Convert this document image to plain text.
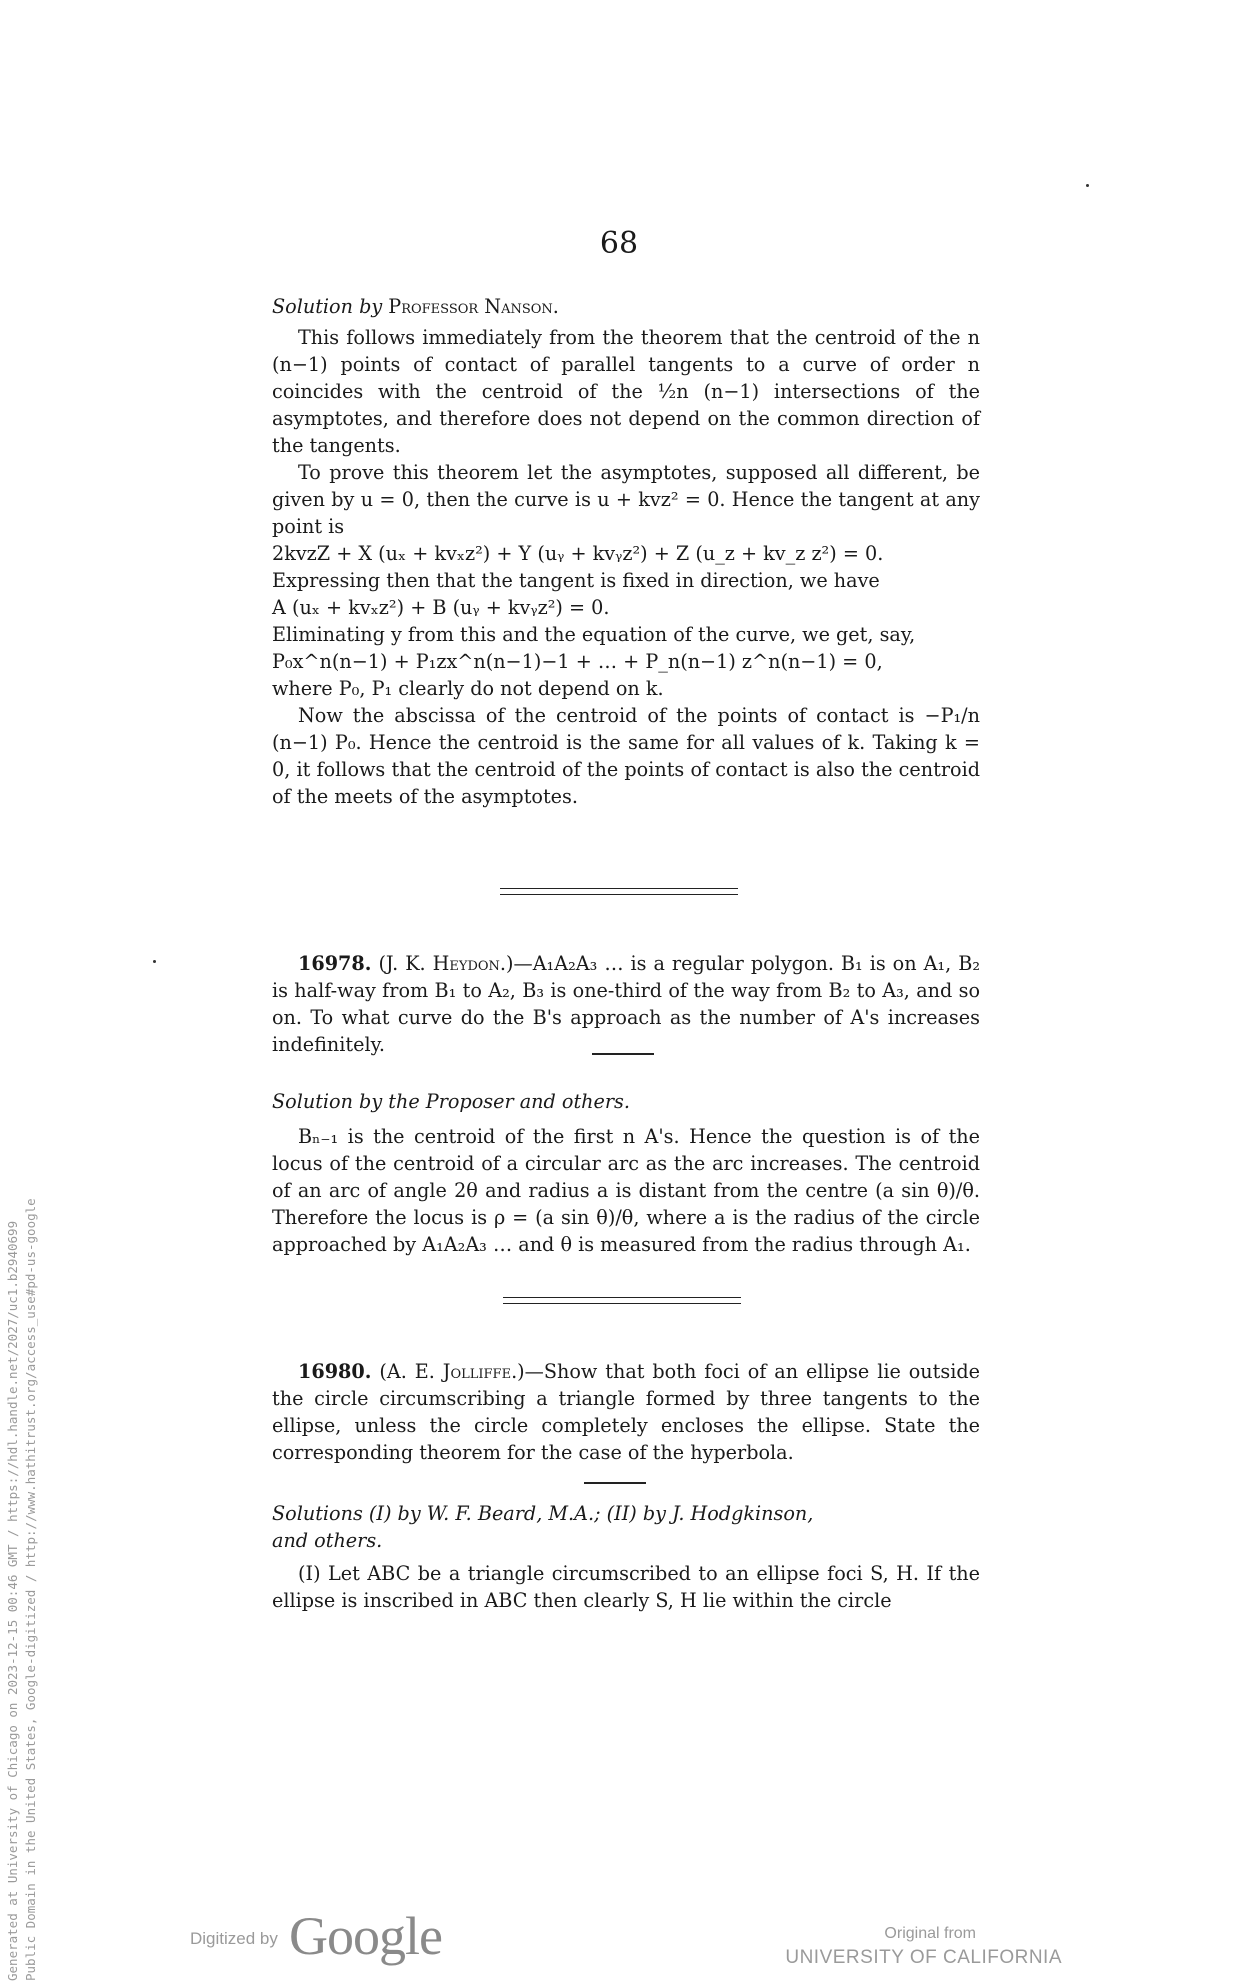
68

Solution by Professor Nanson.

This follows immediately from the theorem that the centroid of the n (n−1) points of contact of parallel tangents to a curve of order n coincides with the centroid of the ½n (n−1) intersections of the asymptotes, and therefore does not depend on the common direction of the tangents.

To prove this theorem let the asymptotes, supposed all different, be given by u = 0, then the curve is u + kvz² = 0. Hence the tangent at any point is

2kvzZ + X (uₓ + kvₓz²) + Y (uᵧ + kvᵧz²) + Z (u_z + kv_z z²) = 0.

Expressing then that the tangent is fixed in direction, we have

A (uₓ + kvₓz²) + B (uᵧ + kvᵧz²) = 0.

Eliminating y from this and the equation of the curve, we get, say,

P₀x^n(n−1) + P₁zx^n(n−1)−1 + … + P_n(n−1) z^n(n−1) = 0,

where P₀, P₁ clearly do not depend on k.

Now the abscissa of the centroid of the points of contact is −P₁/n (n−1) P₀. Hence the centroid is the same for all values of k. Taking k = 0, it follows that the centroid of the points of contact is also the centroid of the meets of the asymptotes.

16978. (J. K. Heydon.)—A₁A₂A₃ … is a regular polygon. B₁ is on A₁, B₂ is half-way from B₁ to A₂, B₃ is one-third of the way from B₂ to A₃, and so on. To what curve do the B's approach as the number of A's increases indefinitely.

Solution by the Proposer and others.

Bₙ₋₁ is the centroid of the first n A's. Hence the question is of the locus of the centroid of a circular arc as the arc increases. The centroid of an arc of angle 2θ and radius a is distant from the centre (a sin θ)/θ. Therefore the locus is ρ = (a sin θ)/θ, where a is the radius of the circle approached by A₁A₂A₃ … and θ is measured from the radius through A₁.

16980. (A. E. Jolliffe.)—Show that both foci of an ellipse lie outside the circle circumscribing a triangle formed by three tangents to the ellipse, unless the circle completely encloses the ellipse. State the corresponding theorem for the case of the hyperbola.

Solutions (I) by W. F. Beard, M.A.; (II) by J. Hodgkinson,

and others.

(I) Let ABC be a triangle circumscribed to an ellipse foci S, H. If the ellipse is inscribed in ABC then clearly S, H lie within the circle

Generated at University of Chicago on 2023-12-15 00:46 GMT / https://hdl.handle.net/2027/uc1.b2940699 Public Domain in the United States, Google-digitized / http://www.hathitrust.org/access_use#pd-us-google	Digitized by Google	Original from
UNIVERSITY OF CALIFORNIA
